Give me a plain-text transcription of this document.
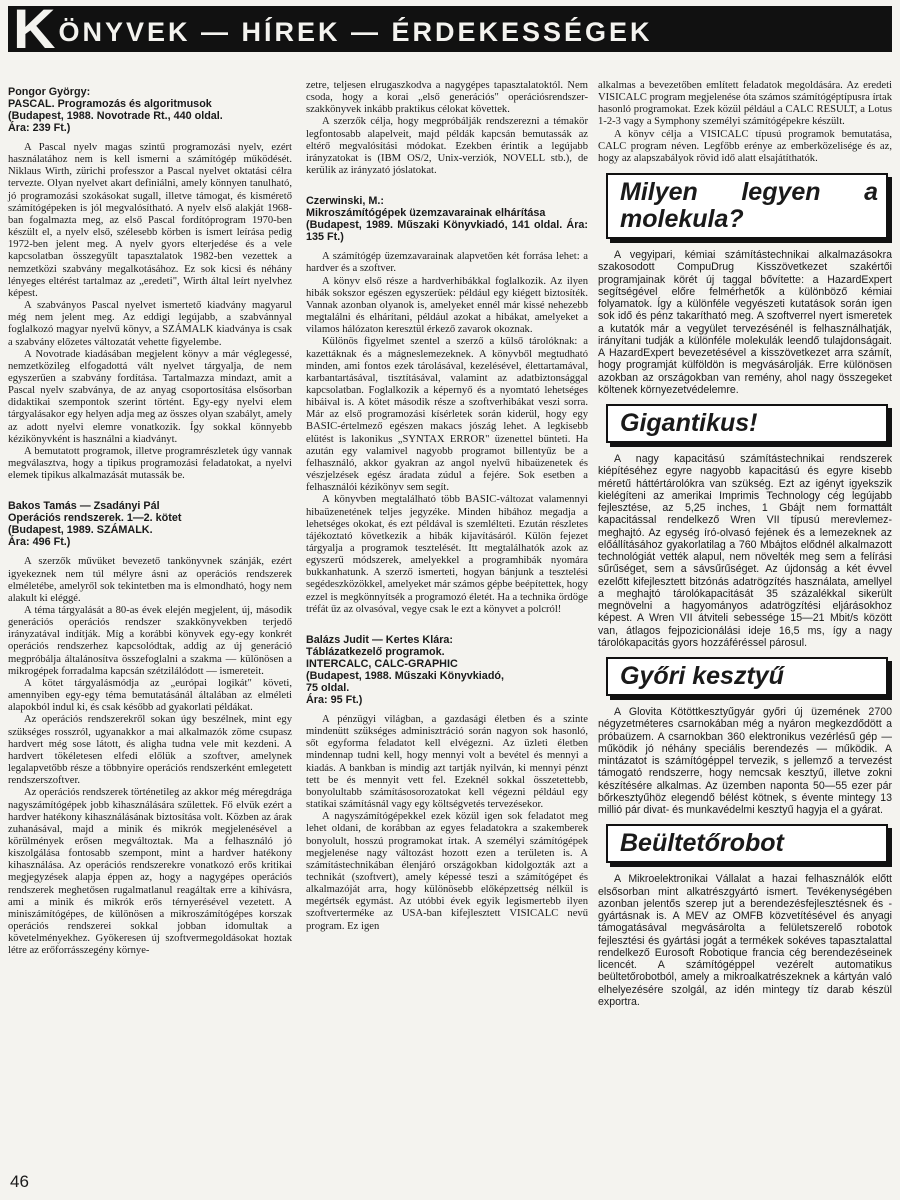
K ÖNYVEK — HÍREK — ÉRDEKESSÉGEK
Pongor György:
PASCAL. Programozás és algoritmusok
(Budapest, 1988. Novotrade Rt., 440 oldal.
Ára: 239 Ft.)

A Pascal nyelv magas szintű programozási nyelv, ezért használatához nem is kell ismerni a számítógép működését. Niklaus Wirth, zürichi professzor a Pascal nyelvet oktatási célra tervezte. Olyan nyelvet akart definiálni, amely könnyen tanulható, jó programozási szokásokat sugall, illetve támogat, és kismérető számítógépeken is jól megvalósítható. A nyelv első alakját 1968-ban fogalmazta meg, az első Pascal fordítóprogram 1970-ben készült el, a nyelv első, szélesebb körben is ismert leírása pedig 1972-ben jelent meg. A nyelv gyors elterjedése és a vele kapcsolatban összegyűlt tapasztalatok 1982-ben vezettek a nemzetközi szabvány megalkotásához. Ez sok kicsi és néhány lényeges eltérést tartalmaz az „eredeti", Wirth által leírt nyelvhez képest.

A szabványos Pascal nyelvet ismertető kiadvány magyarul még nem jelent meg. Az eddigi legújabb, a szabvánnyal foglalkozó magyar nyelvű könyv, a SZÁMALK kiadványa is csak a szabvány előzetes változatát vehette figyelembe.

A Novotrade kiadásában megjelent könyv a már véglegessé, nemzetközileg elfogadottá vált nyelvet tárgyalja, de nem egyszerűen a szabvány fordítása. Tartalmazza mindazt, amit a Pascal nyelv szabványa, de az anyag csoportosítása elsősorban didaktikai szempontok szerint történt. Egy-egy nyelvi elem tárgyalásakor egy helyen adja meg az összes olyan szabályt, amely az adott nyelvi elemre vonatkozik. Így sokkal könnyebb kézikönyvként is használni a kiadványt.

A bemutatott programok, illetve programrészletek úgy vannak megválasztva, hogy a tipikus programozási feladatokat, a nyelvi elemek tipikus alkalmazását mutassák be.

Bakos Tamás — Zsadányi Pál
Operációs rendszerek. 1—2. kötet
(Budapest, 1989. SZÁMALK.
Ára: 496 Ft.)

A szerzők művüket bevezető tankönyvnek szánják, ezért igyekeznek nem túl mélyre ásni az operációs rendszerek elméletébe, amelyről sok tekintetben ma is elmondható, hogy nem alakult ki eléggé.

A téma tárgyalását a 80-as évek elején megjelent, új, második generációs operációs rendszer szakkönyvekben terjedő irányzatával indítják. Míg a korábbi könyvek egy-egy konkrét operációs rendszerhez kapcsolódtak, addig az új generáció megpróbálja általánosítva összefoglalni a szakma — különösen a mikrogépek forradalma kapcsán szétzilálódott — ismereteit.

A kötet tárgyalásmódja az „európai logikát" követi, amennyiben egy-egy téma bemutatásánál általában az elméleti alapokból indul ki, és csak később ad gyakorlati példákat.

Az operációs rendszerekről sokan úgy beszélnek, mint egy szükséges rosszról, ugyanakkor a mai alkalmazók zöme csupasz hardvert még sose látott, és aligha tudna vele mit kezdeni. A hardvert tökéletesen elfedi előlük a szoftver, amelynek legalapvetőbb része a többnyire operációs rendszerként emlegetett rendszerszoftver.

Az operációs rendszerek történetileg az akkor még méregdrága nagyszámítógépek jobb kihasználására születtek. Fő elvük ezért a hardver hatékony kihasználásának biztosítása volt. Közben az árak zuhanásával, majd a minik és mikrók megjelenésével a körülmények erősen megváltoztak. Ma a felhasználó jó kiszolgálása fontosabb szempont, mint a hardver hatékony kihasználása. Az operációs rendszerekre vonatkozó erős kritikai megjegyzések alapja éppen az, hogy a nagygépes operációs rendszerek meghetősen rugalmatlanul reagáltak erre a kihívásra, ami a minik és mikrók erős térnyerésével vezetett. A miniszámítógépes, de különösen a mikroszámítógépes korszak operációs rendszerei sokkal jobban idomultak a követelményekhez. Gyökeresen új szoftvermegoldásokat hoztak létre az erőforrásszegény környe-

zetre, teljesen elrugaszkodva a nagygépes tapasztalatoktól. Nem csoda, hogy a korai „első generációs" operációsrendszer-szakkönyvek inkább praktikus célokat követtek.

A szerzők célja, hogy megpróbálják rendszerezni a témakör legfontosabb alapelveit, majd példák kapcsán bemutassák az eltérő megvalósítási módokat. Ezekben érintik a legújabb irányzatokat is (IBM OS/2, Unix-verziók, NOVELL stb.), de kerülik az irányzató jóslatokat.

Czerwinski, M.:
Mikroszámítógépek üzemzavarainak elhárítása
(Budapest, 1989. Műszaki Könyvkiadó, 141 oldal. Ára: 135 Ft.)

A számítógép üzemzavarainak alapvetően két forrása lehet: a hardver és a szoftver.

A könyv első része a hardverhibákkal foglalkozik. Az ilyen hibák sokszor egészen egyszerűek: például egy kiégett biztosíték. Vannak azonban olyanok is, amelyeket ennél már kissé nehezebb megtalálni és elhárítani, például azokat a hibákat, amelyeket a vilamos hálózaton keresztül érkező zavarok okoznak.

Különös figyelmet szentel a szerző a külső tárolóknak: a kazettáknak és a mágneslemezeknek. A könyvből megtudható minden, ami fontos ezek tárolásával, kezelésével, élettartamával, karbantartásával, tisztításával, valamint az adatbiztonsággal kapcsolatban. Foglalkozik a képernyő és a nyomtató lehetséges hibáival is. A kötet második része a szoftverhibákat veszi sorra. Már az első programozási kísérletek során kiderül, hogy egy BASIC-értelmező egészen makacs jószág lehet. A legkisebb elütést is lakonikus „SYNTAX ERROR" üzenettel bünteti. Ha azután egy valamivel nagyobb programot billentyűz be a felhasználó, akkor gyakran az angol nyelvű hibaüzenetek és vészjelzések egész áradata zúdul a fejére. Sok esetben a felhasználói kézikönyv sem segít.

A könyvben megtalálható több BASIC-változat valamennyi hibaüzenetének teljes jegyzéke. Minden hibához megadja a lehetséges okokat, és ezt példával is szemlélteti. Ezután részletes tájékoztató következik a hibák kijavításáról. Külön fejezet tárgyalja a programok tesztelését. Itt megtalálhatók azok az egyszerű módszerek, amelyekkel a programhibák nyomára bukkanhatunk. A szerző ismerteti, hogyan bánjunk a tesztelési segédeszközökkel, amelyeket már számos gépbe beépítettek, hogy ezzel is megkönnyítsék a programozó életét. Ha a technika ördöge tréfát űz az olvasóval, vegye csak le ezt a könyvet a polcról!

Balázs Judit — Kertes Klára:
Táblázatkezelő programok.
INTERCALC, CALC-GRAPHIC
(Budapest, 1988. Műszaki Könyvkiadó,
75 oldal.
Ára: 95 Ft.)

A pénzügyi világban, a gazdasági életben és a szinte mindenütt szükséges adminisztráció során nagyon sok hasonló, sőt egyforma feladatot kell elvégezni. Az üzleti életben mindennap tudni kell, hogy mennyi volt a bevétel és mennyi a kiadás. A bankban is mindig azt tartják nyilván, ki mennyi pénzt tett be és mennyit vett fel. Ezeknél sokkal összetettebb, bonyolultabb számításosorozatokat kell végezni például egy statikai számításnál vagy egy költségvetés tervezésekor.

A nagyszámítógépekkel ezek közül igen sok feladatot meg lehet oldani, de korábban az egyes feladatokra a szakemberek bonyolult, hosszú programokat írtak. A személyi számítógépek megjelenése nagy változást hozott ezen a területen is. A számítástechnikában élenjáró országokban kidolgozták azt a technikát (szoftvert), amely képessé teszi a számítógépet és alkalmazóját arra, hogy különösebb előképzettség nélkül is megértsék egymást. Az utóbbi évek egyik legismertebb ilyen szoftverterméke az USA-ban kifejlesztett VISICALC nevű program. Ez igen

alkalmas a bevezetőben említett feladatok megoldására. Az eredeti VISICALC program megjelenése óta számos számítógéptípusra írtak hasonló programokat. Ezek közül például a CALC RESULT, a Lotus 1-2-3 vagy a Symphony személyi számítógépekre készült.

A könyv célja a VISICALC típusú programok bemutatása, CALC program néven. Legfőbb erénye az emberközelisége és az, hogy az alapszabályok rövid idő alatt elsajátíthatók.

Milyen legyen a molekula?

A vegyipari, kémiai számítástechnikai alkalmazásokra szakosodott CompuDrug Kisszövetkezet szakértői programjainak körét új taggal bővítette: a HazardExpert segítségével előre felmérhetők a különböző kémiai folyamatok. Így a különféle vegyészeti kutatások során igen sok idő és pénz takarítható meg. A szoftverrel nyert ismeretek a kutatók már a vegyület tervezésénél is felhasználhatják, irányítani tudják a különféle molekulák leendő tulajdonságait. A HazardExpert bevezetésével a kisszövetkezet arra számít, hogy programját külföldön is megvásárolják. Erre különösen azokban az országokban van remény, ahol nagy összegeket költenek környezetvédelemre.

Gigantikus!

A nagy kapacitású számítástechnikai rendszerek kiépítéséhez egyre nagyobb kapacitású és egyre kisebb méretű háttértárolókra van szükség. Ezt az igényt igyekszik kielégíteni az amerikai Imprimis Technology cég legújabb fejlesztése, az 5,25 inches, 1 Gbájt nem formattált kapacitással rendelkező Wren VII típusú merevlemez-meghajtó. Az egység író-olvasó fejének és a lemezeknek az előállításához gyakorlatilag a 760 Mbájtos elődnél alkalmazott technológiát vették alapul, nem növelték meg sem a felírási sűrűséget, sem a sávsűrűséget. Az újdonság a két évvel ezelőtt kifejlesztett bitzónás adatrögzítés használata, amellyel a meghajtó tárolókapacitását 35 százalékkal sikerült megnövelni a hagyományos adatrögzítési eljárásokhoz képest. A Wren VII átviteli sebessége 15—21 Mbit/s között van, átlagos fejpozicionálási ideje 16,5 ms, így a nagy tárolókapacitás gyors hozzáféréssel párosul.

Győri kesztyű

A Glovita Kötöttkesztyűgyár győri új üzemének 2700 négyzetméteres csarnokában még a nyáron megkezdődött a próbaüzem. A csarnokban 360 elektronikus vezérlésű gép — működik jó néhány speciális berendezés — működik. A mintázatot is számítógéppel tervezik, s jellemző a tervezést támogató rendszerre, hogy nemcsak kesztyű, illetve zokni készítésére alkalmas. Az üzemben naponta 50—55 ezer pár bőrkesztyűhöz elegendő bélést kötnek, s évente mintegy 13 millió pár divat- és munkavédelmi kesztyű hagyja el a gyárat.

Beültetőrobot

A Mikroelektronikai Vállalat a hazai felhasználók előtt elsősorban mint alkatrészgyártó ismert. Tevékenységében azonban jelentős szerep jut a berendezésfejlesztésnek és -gyártásnak is. A MEV az OMFB közvetítésével és anyagi támogatásával megvásárolta a felületszerelő robotok fejlesztési és gyártási jogát a termékek sokéves tapasztalattal rendelkező Eurosoft Robotique francia cég berendezéseinek licencét. A számítógéppel vezérelt automatikus beültetőrobotból, amely a mikroalkatrészeknek a kártyán való elhelyezésére szolgál, az idén mintegy tíz darab készül exportra.

46
